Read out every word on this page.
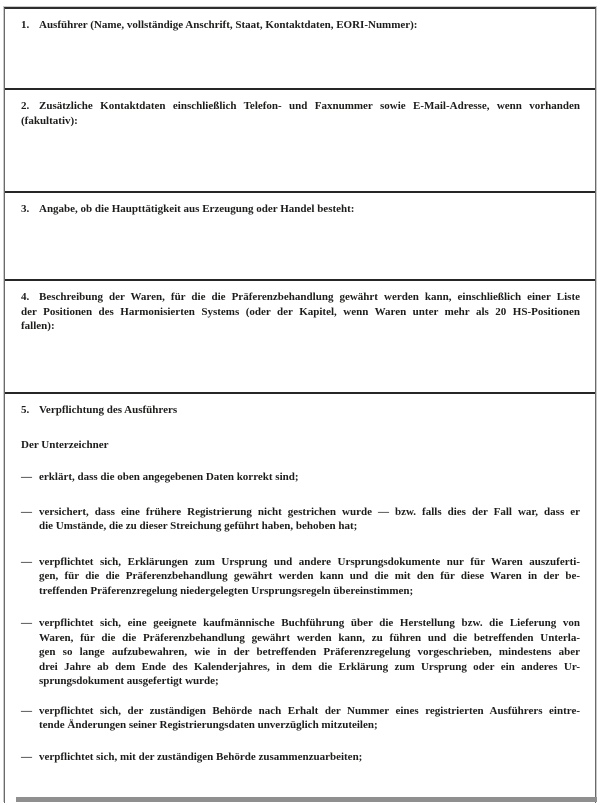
1. Ausführer (Name, vollständige Anschrift, Staat, Kontaktdaten, EORI-Nummer):
2. Zusätzliche Kontaktdaten einschließlich Telefon- und Faxnummer sowie E-Mail-Adresse, wenn vorhanden
(fakultativ):
3. Angabe, ob die Haupttätigkeit aus Erzeugung oder Handel besteht:
4. Beschreibung der Waren, für die die Präferenzbehandlung gewährt werden kann, einschließlich einer Liste
der Positionen des Harmonisierten Systems (oder der Kapitel, wenn Waren unter mehr als 20 HS-Positionen
fallen):
5. Verpflichtung des Ausführers
Der Unterzeichner
— erklärt, dass die oben angegebenen Daten korrekt sind;
— versichert, dass eine frühere Registrierung nicht gestrichen wurde — bzw. falls dies der Fall war, dass er
die Umstände, die zu dieser Streichung geführt haben, behoben hat;
— verpflichtet sich, Erklärungen zum Ursprung und andere Ursprungsdokumente nur für Waren auszuferti-
gen, für die die Präferenzbehandlung gewährt werden kann und die mit den für diese Waren in der be-
treffenden Präferenzregelung niedergelegten Ursprungsregeln übereinstimmen;
— verpflichtet sich, eine geeignete kaufmännische Buchführung über die Herstellung bzw. die Lieferung von
Waren, für die die Präferenzbehandlung gewährt werden kann, zu führen und die betreffenden Unterla-
gen so lange aufzubewahren, wie in der betreffenden Präferenzregelung vorgeschrieben, mindestens aber
drei Jahre ab dem Ende des Kalenderjahres, in dem die Erklärung zum Ursprung oder ein anderes Ur-
sprungsdokument ausgefertigt wurde;
— verpflichtet sich, der zuständigen Behörde nach Erhalt der Nummer eines registrierten Ausführers eintre-
tende Änderungen seiner Registrierungsdaten unverzüglich mitzuteilen;
— verpflichtet sich, mit der zuständigen Behörde zusammenzuarbeiten;
